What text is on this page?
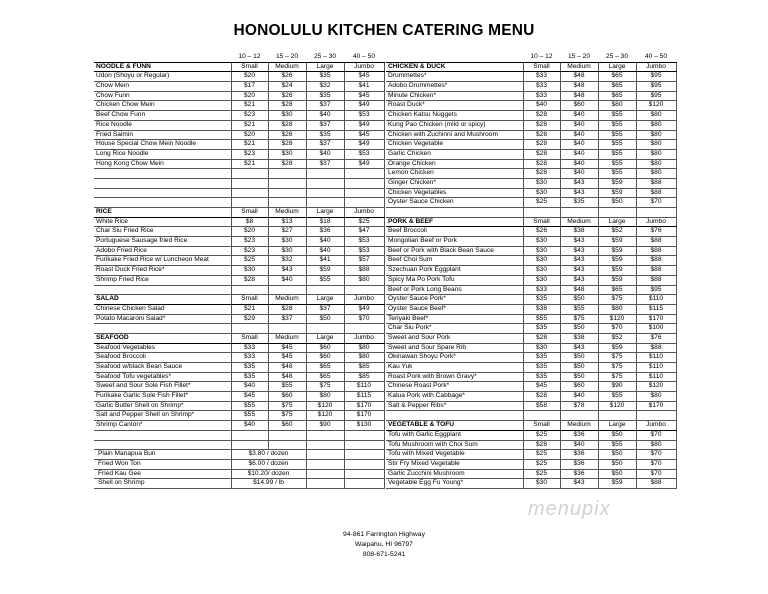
HONOLULU KITCHEN CATERING MENU
	10 – 12	15 – 20	25 – 30	40 – 50
NOODLE & FUNN	Small	Medium	Large	Jumbo
Udon (Shoyu or Regular)	$20	$26	$35	$45
Chow Mein	$17	$24	$32	$41
Chow Funn	$20	$26	$35	$45
Chicken Chow Mein	$21	$28	$37	$49
Beef Chow Funn	$23	$30	$40	$53
Rice Noodle	$21	$28	$37	$49
Fried Saimin	$20	$26	$35	$45
House Special Chow Mein Noodle	$21	$28	$37	$49
Long Rice Noodle	$23	$30	$40	$53
Hong Kong Chow Mein	$21	$28	$37	$49

RICE	Small	Medium	Large	Jumbo
White Rice	$8	$13	$18	$25
Char Siu Fried Rice	$20	$27	$36	$47
Portuguese Sausage fried Rice	$23	$30	$40	$53
Adobo Fried Rice	$23	$30	$40	$53
Furikake Fried Rice w/ Luncheon Meat	$25	$32	$41	$57
Roast Duck Fried Rice*	$30	$43	$59	$88
Shrimp Fried Rice	$28	$40	$55	$80

SALAD	Small	Medium	Large	Jumbo
Chinese Chicken Salad	$21	$28	$37	$49
Potato Macaroni Salad*	$29	$37	$50	$70

SEAFOOD	Small	Medium	Large	Jumbo
Seafood Vegetables	$33	$45	$60	$80
Seafood Broccoli	$33	$45	$60	$80
Seafood w/black Bean Sauce	$35	$48	$65	$85
Seafood Tofu vegetables*	$35	$48	$65	$85
Sweet and Sour Sole Fish Fillet*	$40	$55	$75	$110
Furikake Garlic Sole Fish Fillet*	$45	$60	$80	$115
Garlic Butter Shell on Shrimp*	$55	$75	$120	$170
Salt and Pepper Shell on Shrimp*	$55	$75	$120	$170
Shrimp Canton*	$40	$60	$90	$130

Plain Manapua Bun	$3.80 / dozen			
Fried Won Ton	$6.00 / dozen			
Fried Kau Gee	$10.20/ dozen			
Shell on Shrimp	$14.99 / lb			
	10 – 12	15 – 20	25 – 30	40 – 50
CHICKEN & DUCK	Small	Medium	Large	Jumbo
Drummettes*	$33	$48	$65	$95
Adobo Drummettes*	$33	$48	$65	$95
Minute Chicken*	$33	$48	$65	$95
Roast Duck*	$40	$60	$80	$120
Chicken Katsu Nuggets	$28	$40	$55	$80
Kung Pao Chicken (mild or spicy)	$28	$40	$55	$80
Chicken with Zuchinni and Mushroom	$28	$40	$55	$80
Chicken Vegetable	$28	$40	$55	$80
Garlic Chicken	$28	$40	$55	$80
Orange Chicken	$28	$40	$55	$80
Lemon Chicken	$28	$40	$55	$80
Ginger Chicken*	$30	$43	$59	$88
Chicken Vegetables	$30	$43	$59	$88
Oyster Sauce Chicken	$25	$35	$50	$70

PORK & BEEF	Small	Medium	Large	Jumbo
Beef Broccoli	$26	$38	$52	$76
Mongolian Beef or Pork	$30	$43	$59	$88
Beef or Pork with Black Bean Sauce	$30	$43	$59	$88
Beef Choi Sum	$30	$43	$59	$88
Szechuan Pork Eggplant	$30	$43	$59	$88
Spicy Ma Po Pork Tofu	$30	$43	$59	$88
Beef or Pork Long Beans	$33	$48	$65	$95
Oyster Sauce Pork*	$35	$50	$75	$110
Oyster Sauce Beef*	$38	$55	$80	$115
Teriyaki Beef*	$55	$75	$120	$170
Char Siu Pork*	$35	$50	$70	$100
Sweet and Sour Pork	$28	$38	$52	$76
Sweet and Sour Spare Rib	$30	$43	$59	$88
Okinawan Shoyu Pork*	$35	$50	$75	$110
Kau Yuk	$35	$50	$75	$110
Roast Pork with Brown Gravy*	$35	$50	$75	$110
Chinese Roast Pork*	$45	$60	$90	$120
Kalua Pork with Cabbage*	$28	$40	$55	$80
Salt & Pepper Ribs*	$58	$78	$120	$170

VEGETABLE & TOFU	Small	Medium	Large	Jumbo
Tofu with Garlic Eggplant	$25	$36	$50	$70
Tofu Mushroom with Choi Sum	$28	$40	$55	$80
Tofu with Mixed Vegetable	$25	$36	$50	$70
Stir Fry Mixed Vegetable	$25	$36	$50	$70
Garlic Zucchini Mushroom	$25	$36	$50	$70
Vegetable Egg Fu Young*	$30	$43	$59	$88
menupix
94-861 Farrington Highway
Waipahu, HI 96797
808-671-5241
